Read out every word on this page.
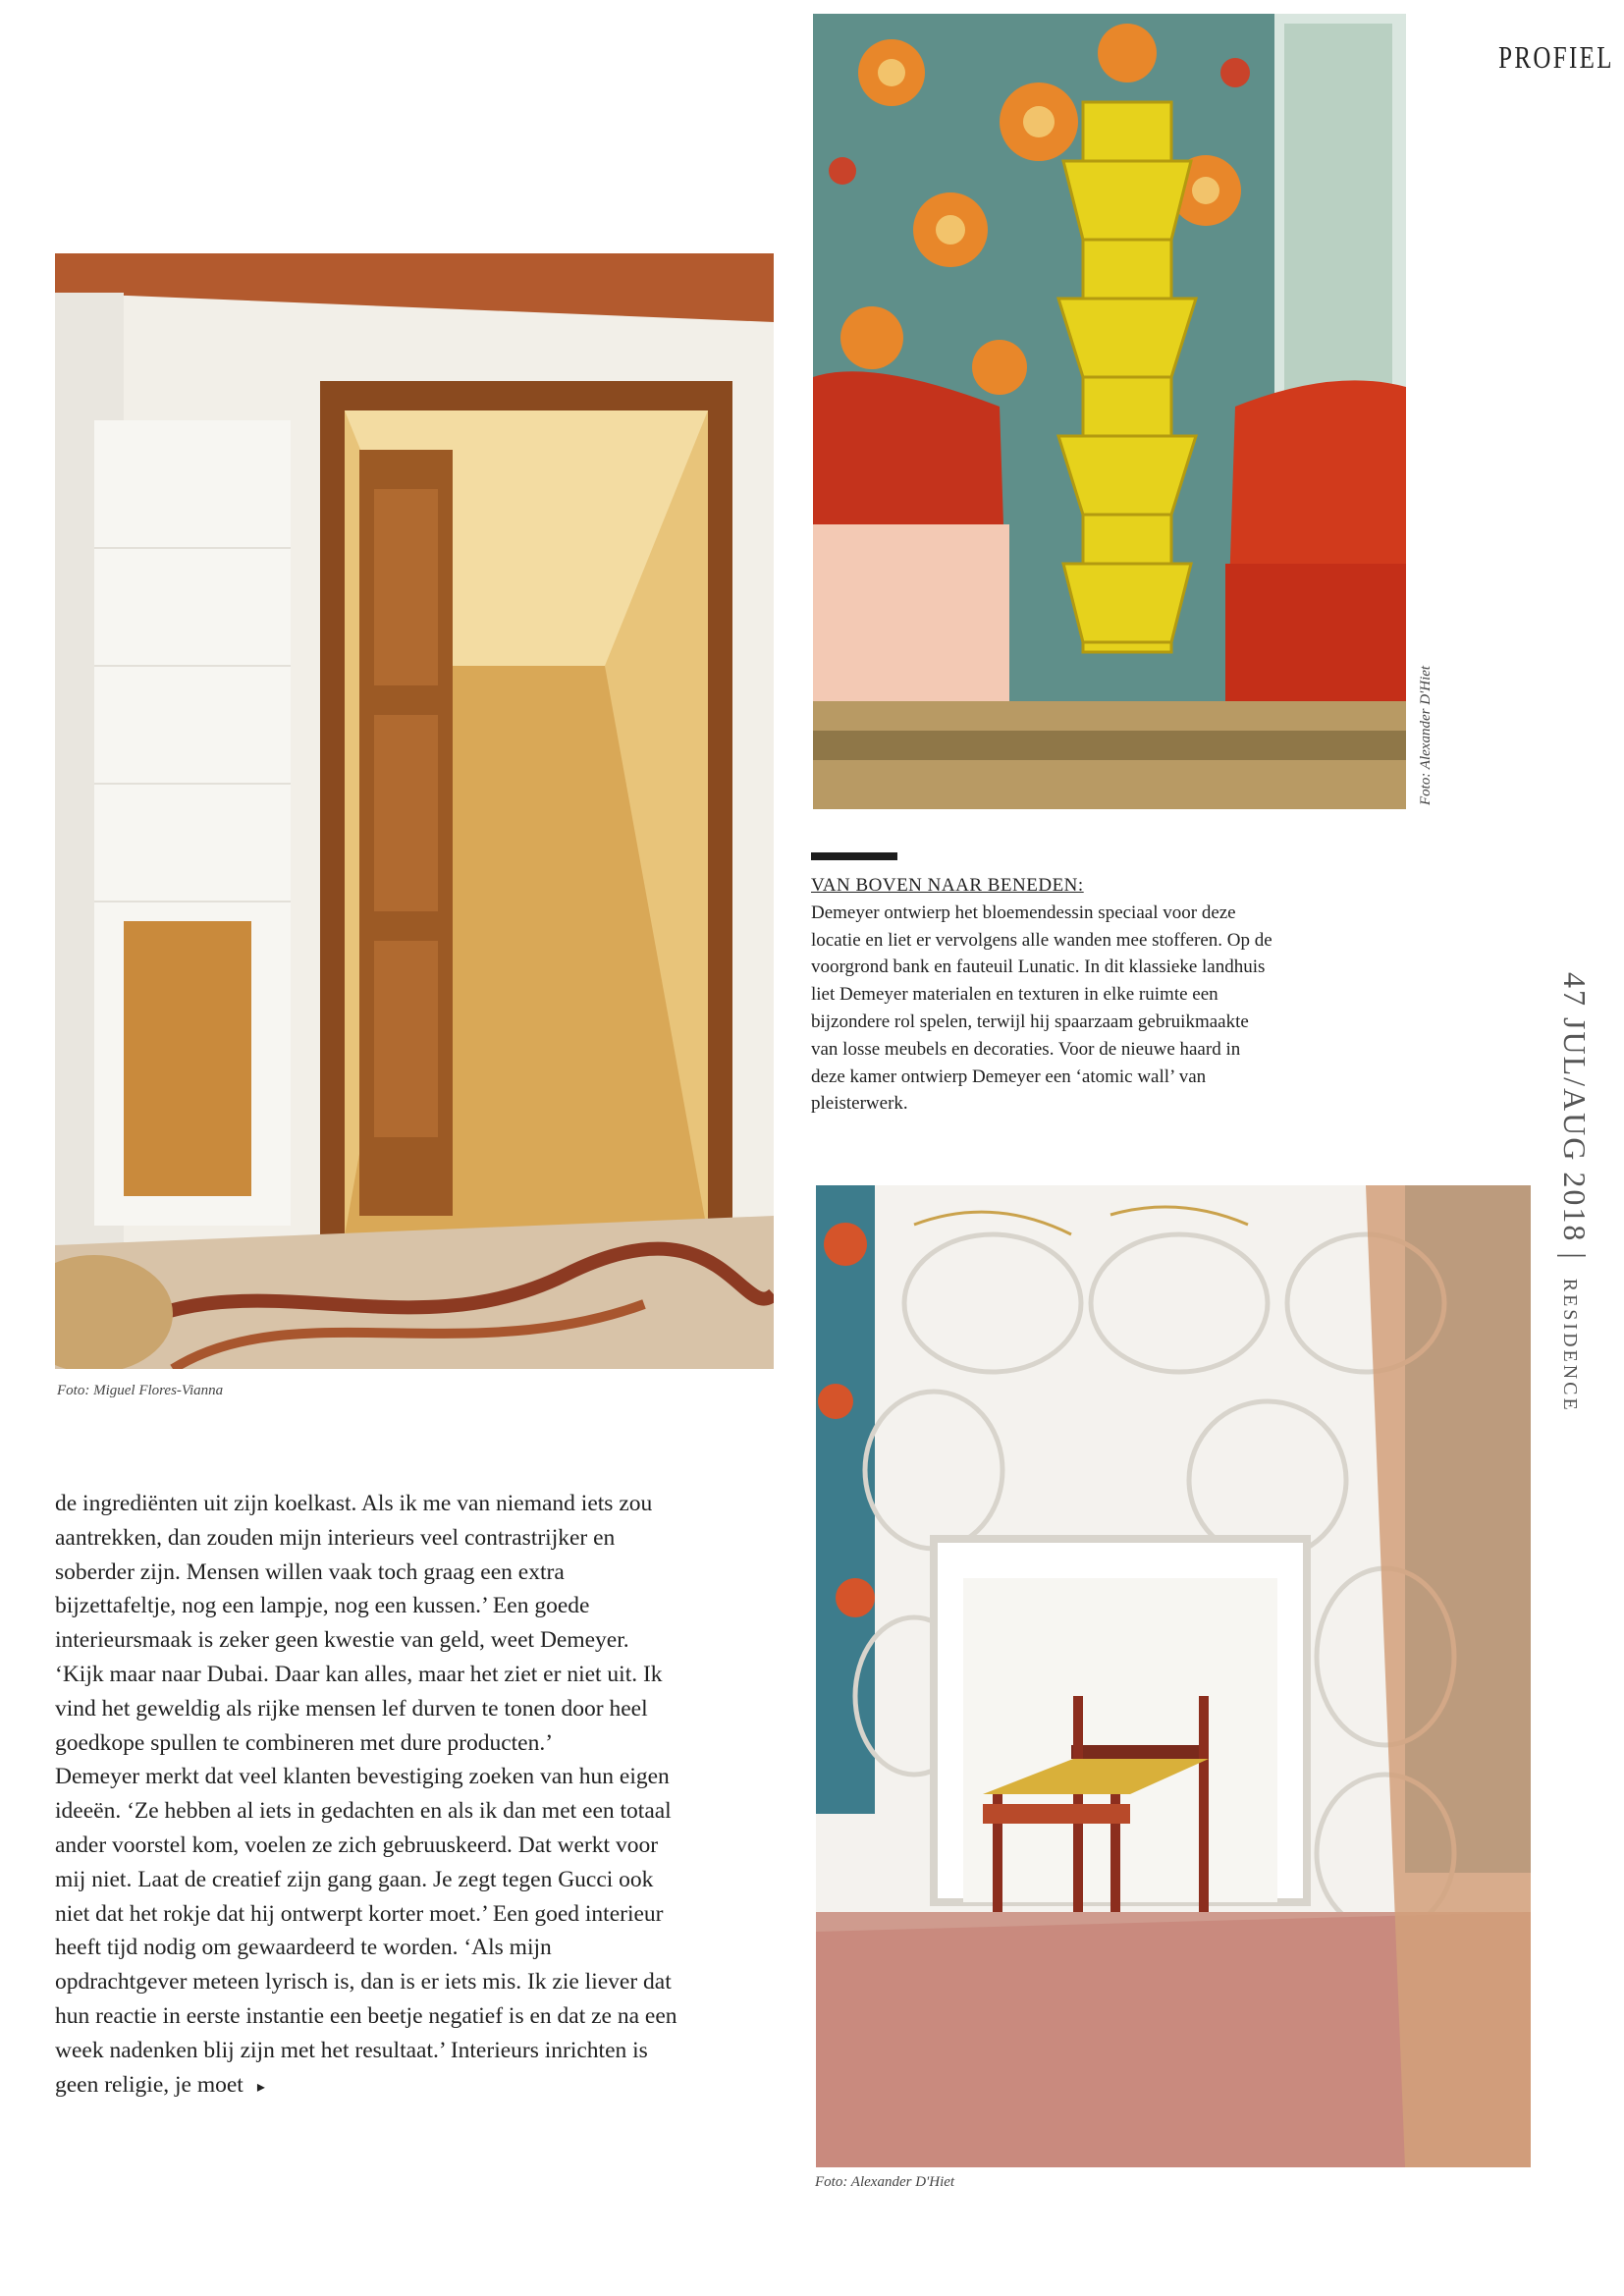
PROFIEL
Foto: Miguel Flores-Vianna
Foto: Alexander D'Hiet
VAN BOVEN NAAR BENEDEN:
Demeyer ontwierp het bloemendessin speciaal voor deze locatie en liet er vervolgens alle wanden mee stofferen. Op de voorgrond bank en fauteuil Lunatic. In dit klassieke landhuis liet Demeyer materialen en texturen in elke ruimte een bijzondere rol spelen, terwijl hij spaarzaam gebruikmaakte van losse meubels en decoraties. Voor de nieuwe haard in deze kamer ontwierp Demeyer een ‘atomic wall’ van pleisterwerk.
de ingrediënten uit zijn koelkast. Als ik me van niemand iets zou aantrekken, dan zouden mijn interieurs veel contrastrijker en soberder zijn. Mensen willen vaak toch graag een extra bijzettafeltje, nog een lampje, nog een kussen.’ Een goede interieursmaak is zeker geen kwestie van geld, weet Demeyer. ‘Kijk maar naar Dubai. Daar kan alles, maar het ziet er niet uit. Ik vind het geweldig als rijke mensen lef durven te tonen door heel goedkope spullen te combineren met dure producten.’
Demeyer merkt dat veel klanten bevestiging zoeken van hun eigen ideeën. ‘Ze hebben al iets in gedachten en als ik dan met een totaal ander voorstel kom, voelen ze zich gebruuskeerd. Dat werkt voor mij niet. Laat de creatief zijn gang gaan. Je zegt tegen Gucci ook niet dat het rokje dat hij ontwerpt korter moet.’ Een goed interieur heeft tijd nodig om gewaardeerd te worden. ‘Als mijn opdrachtgever meteen lyrisch is, dan is er iets mis. Ik zie liever dat hun reactie in eerste instantie een beetje negatief is en dat ze na een week nadenken blij zijn met het resultaat.’ Interieurs inrichten is geen religie, je moet ▸
Foto: Alexander D'Hiet
47 JUL/AUG 2018 | RESIDENCE
